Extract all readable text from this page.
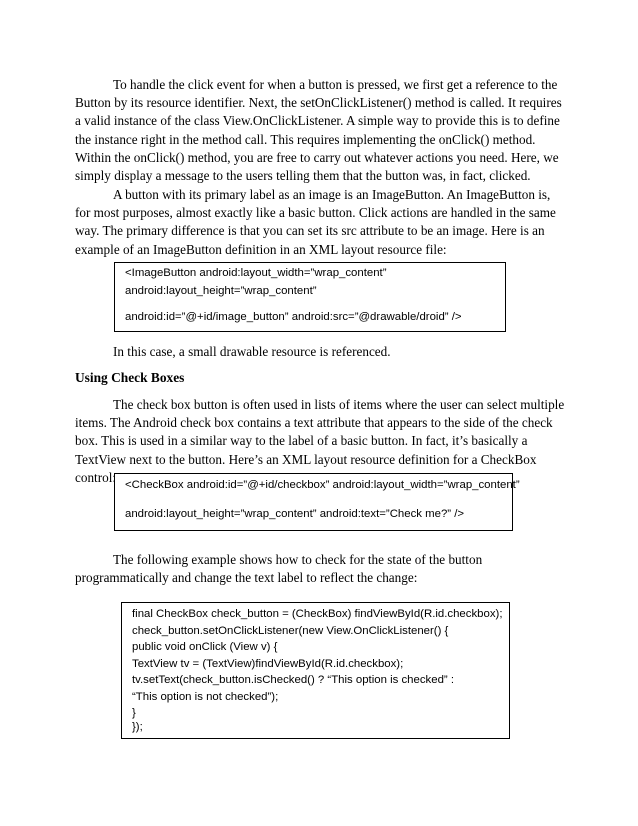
To handle the click event for when a button is pressed, we first get a reference to the Button by its resource identifier. Next, the setOnClickListener() method is called. It requires a valid instance of the class View.OnClickListener. A simple way to provide this is to define the instance right in the method call. This requires implementing the onClick() method. Within the onClick() method, you are free to carry out whatever actions you need. Here, we simply display a message to the users telling them that the button was, in fact, clicked.

A button with its primary label as an image is an ImageButton. An ImageButton is, for most purposes, almost exactly like a basic button. Click actions are handled in the same way. The primary difference is that you can set its src attribute to be an image. Here is an example of an ImageButton definition in an XML layout resource file:

<ImageButton android:layout_width=”wrap_content”

android:layout_height=”wrap_content”

android:id=”@+id/image_button” android:src=”@drawable/droid” />

In this case, a small drawable resource is referenced.

Using Check Boxes

The check box button is often used in lists of items where the user can select multiple items. The Android check box contains a text attribute that appears to the side of the check box. This is used in a similar way to the label of a basic button. In fact, it’s basically a TextView next to the button. Here’s an XML layout resource definition for a CheckBox control:

<CheckBox android:id=”@+id/checkbox” android:layout_width=”wrap_content”

android:layout_height=”wrap_content” android:text=”Check me?” />

The following example shows how to check for the state of the button programmatically and change the text label to reflect the change:

final CheckBox check_button = (CheckBox) findViewById(R.id.checkbox);

check_button.setOnClickListener(new View.OnClickListener() {

public void onClick (View v) {

TextView tv = (TextView)findViewById(R.id.checkbox);

tv.setText(check_button.isChecked() ? “This option is checked” :

“This option is not checked”);

}

});
